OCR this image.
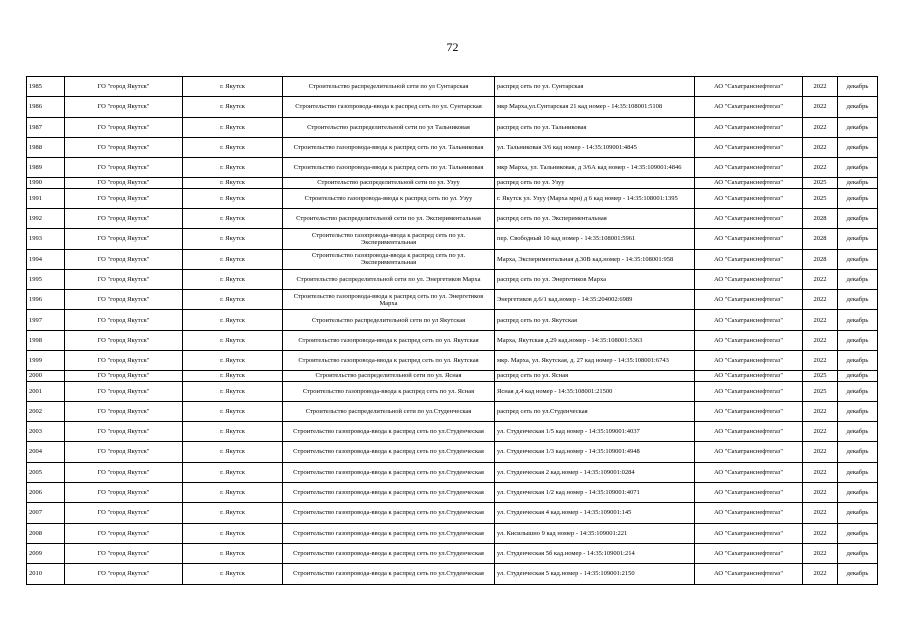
72
1985	ГО "город Якутск"	г. Якутск	Строительство распределительной сети по ул Сунтарская	распред сеть по ул. Сунтарская	АО "Сахатранснефтегаз"	2022	декабрь
1986	ГО "город Якутск"	г. Якутск	Строительство газопровода-ввода к распред сеть по ул. Сунтарская	мкр Марха,ул.Сунтарская 21 кад номер - 14:35:108001:5108	АО "Сахатранснефтегаз"	2022	декабрь
1987	ГО "город Якутск"	г. Якутск	Строительство распределительной сети по ул Тальниковая	распред сеть по ул. Тальниковая	АО "Сахатранснефтегаз"	2022	декабрь
1988	ГО "город Якутск"	г. Якутск	Строительство газопровода-ввода к распред сеть по ул. Тальниковая	ул. Тальниковая 3/6 кад номер - 14:35:109001:4845	АО "Сахатранснефтегаз"	2022	декабрь
1989	ГО "город Якутск"	г. Якутск	Строительство газопровода-ввода к распред сеть по ул. Тальниковая	мкр Марха, ул. Тальниковая, д 3/6А кад номер - 14:35:109001:4846	АО "Сахатранснефтегаз"	2022	декабрь
1990	ГО "город Якутск"	г. Якутск	Строительство распределительной сети по ул. Узуу	распред сеть по ул. Узуу	АО "Сахатранснефтегаз"	2025	декабрь
1991	ГО "город Якутск"	г. Якутск	Строительство газопровода-ввода к распред сеть по ул. Узуу	г. Якутск ул. Узуу (Марха мрн) д 6 кад номер - 14:35:108001:1395	АО "Сахатранснефтегаз"	2025	декабрь
1992	ГО "город Якутск"	г. Якутск	Строительство распределительной сети по ул. Экспериментальная	распред сеть по ул. Экспериментальная	АО "Сахатранснефтегаз"	2028	декабрь
1993	ГО "город Якутск"	г. Якутск	Строительство газопровода-ввода к распред сеть по ул. Экспериментальная	пер. Свободный 10 кад номер - 14:35:108001:5961	АО "Сахатранснефтегаз"	2028	декабрь
1994	ГО "город Якутск"	г. Якутск	Строительство газопровода-ввода к распред сеть по ул. Экспериментальная	Марха, Экспериментальная д.30В кад.номер - 14:35:108001:958	АО "Сахатранснефтегаз"	2028	декабрь
1995	ГО "город Якутск"	г. Якутск	Строительство распределительной сети по ул. Энергетиков Марха	распред сеть по ул. Энергетиков Марха	АО "Сахатранснефтегаз"	2022	декабрь
1996	ГО "город Якутск"	г. Якутск	Строительство газопровода-ввода к распред сеть по ул. Энергетиков Марха	Энергетиков д.6/1 кад.номер - 14:35:204002:6989	АО "Сахатранснефтегаз"	2022	декабрь
1997	ГО "город Якутск"	г. Якутск	Строительство распределительной сети по ул Якутская	распред сеть по ул. Якутская	АО "Сахатранснефтегаз"	2022	декабрь
1998	ГО "город Якутск"	г. Якутск	Строительство газопровода-ввода к распред сеть по ул. Якутская	Марха, Якутская д.29 кад.номер - 14:35:108001:5363	АО "Сахатранснефтегаз"	2022	декабрь
1999	ГО "город Якутск"	г. Якутск	Строительство газопровода-ввода к распред сеть по ул. Якутская	мкр. Марха, ул. Якутская, д. 27 кад номер - 14:35:108001:6743	АО "Сахатранснефтегаз"	2022	декабрь
2000	ГО "город Якутск"	г. Якутск	Строительство распределительной сети по ул. Ясная	распред сеть по ул. Ясная	АО "Сахатранснефтегаз"	2025	декабрь
2001	ГО "город Якутск"	г. Якутск	Строительство газопровода-ввода к распред сеть по ул. Ясная	Ясная д.4 кад номер - 14:35:108001:21500	АО "Сахатранснефтегаз"	2025	декабрь
2002	ГО "город Якутск"	г. Якутск	Строительство распределительной сети по ул.Студенческая	распред сеть по ул.Студенческая	АО "Сахатранснефтегаз"	2022	декабрь
2003	ГО "город Якутск"	г. Якутск	Строительство газопровода-ввода к распред сеть по ул.Студенческая	ул. Студенческая 1/5 кад номер - 14:35:109001:4037	АО "Сахатранснефтегаз"	2022	декабрь
2004	ГО "город Якутск"	г. Якутск	Строительство газопровода-ввода к распред сеть по ул.Студенческая	ул. Студенческая 1/3 кад.номер - 14:35:109001:4948	АО "Сахатранснефтегаз"	2022	декабрь
2005	ГО "город Якутск"	г. Якутск	Строительство газопровода-ввода к распред сеть по ул.Студенческая	ул. Студенческая 2 кад.номер - 14:35:109001:0284	АО "Сахатранснефтегаз"	2022	декабрь
2006	ГО "город Якутск"	г. Якутск	Строительство газопровода-ввода к распред сеть по ул.Студенческая	ул. Студенческая 1/2 кад номер - 14:35:109001:4071	АО "Сахатранснефтегаз"	2022	декабрь
2007	ГО "город Якутск"	г. Якутск	Строительство газопровода-ввода к распред сеть по ул.Студенческая	ул. Студенческая 4 кад.номер - 14:35:109001:145	АО "Сахатранснефтегаз"	2022	декабрь
2008	ГО "город Якутск"	г. Якутск	Строительство газопровода-ввода к распред сеть по ул.Студенческая	ул. Кисилышно 9 кад номер - 14:35:109001:221	АО "Сахатранснефтегаз"	2022	декабрь
2009	ГО "город Якутск"	г. Якутск	Строительство газопровода-ввода к распред сеть по ул.Студенческая	ул. Студенческая 5б кад.номер - 14:35:109001:214	АО "Сахатранснефтегаз"	2022	декабрь
2010	ГО "город Якутск"	г. Якутск	Строительство газопровода-ввода к распред сеть по ул.Студенческая	ул. Студенческая 5 кад.номер - 14:35:109001:2150	АО "Сахатранснефтегаз"	2022	декабрь
